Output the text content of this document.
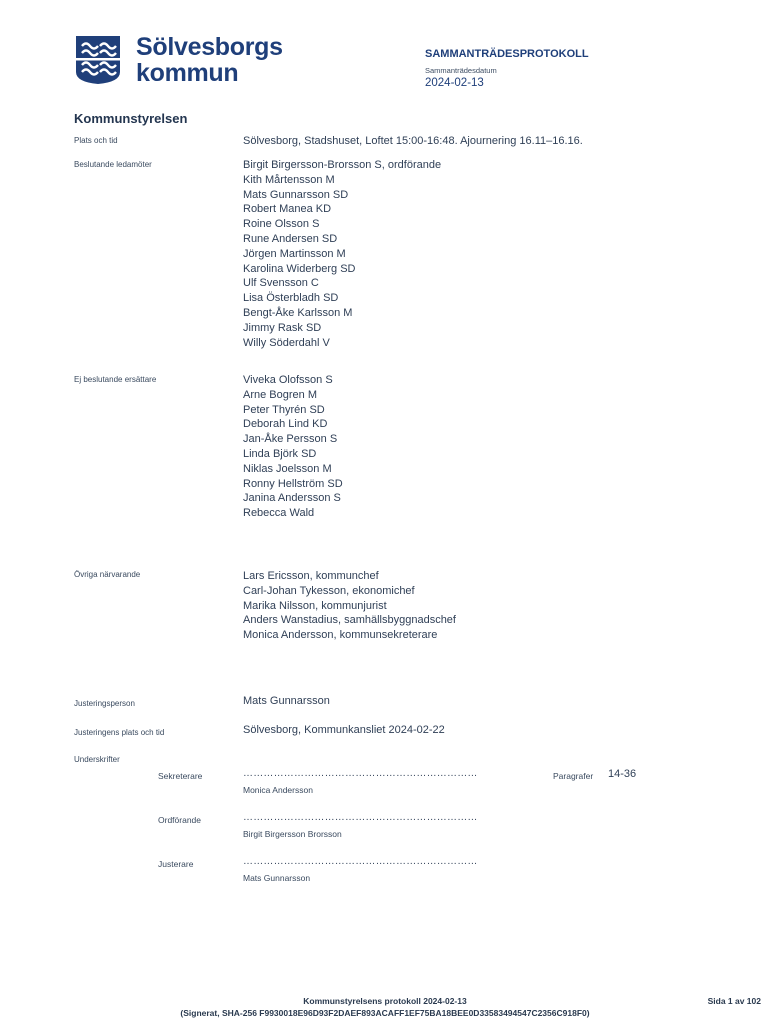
Sölvesborgs
kommun
SAMMANTRÄDESPROTOKOLL
Sammanträdesdatum
2024-02-13
Kommunstyrelsen
Plats och tid	Sölvesborg, Stadshuset, Loftet 15:00-16:48. Ajournering 16.11–16.16.
Beslutande ledamöter	Birgit Birgersson-Brorsson S, ordförande
Kith Mårtensson M
Mats Gunnarsson SD
Robert Manea KD
Roine Olsson S
Rune Andersen SD
Jörgen Martinsson M
Karolina Widerberg SD
Ulf Svensson C
Lisa Österbladh SD
Bengt-Åke Karlsson M
Jimmy Rask SD
Willy Söderdahl V
Ej beslutande ersättare	Viveka Olofsson S
Arne Bogren M
Peter Thyrén SD
Deborah Lind KD
Jan-Åke Persson S
Linda Björk SD
Niklas Joelsson M
Ronny Hellström SD
Janina Andersson S
Rebecca Wald
Övriga närvarande	Lars Ericsson, kommunchef
Carl-Johan Tykesson, ekonomichef
Marika Nilsson, kommunjurist
Anders Wanstadius, samhällsbyggnadschef
Monica Andersson, kommunsekreterare
Justeringsperson	Mats Gunnarsson
Justeringens plats och tid	Sölvesborg, Kommunkansliet 2024-02-22
Underskrifter
Sekreterare	……………………………………………………………
Monica Andersson
Paragrafer 14-36
Ordförande	……………………………………………………………
Birgit Birgersson Brorsson
Justerare	……………………………………………………………
Mats Gunnarsson
Kommunstyrelsens protokoll 2024-02-13
(Signerat, SHA-256 F9930018E96D93F2DAEF893ACAFF1EF75BA18BEE0D33583494547C2356C918F0)
Sida 1 av 102
